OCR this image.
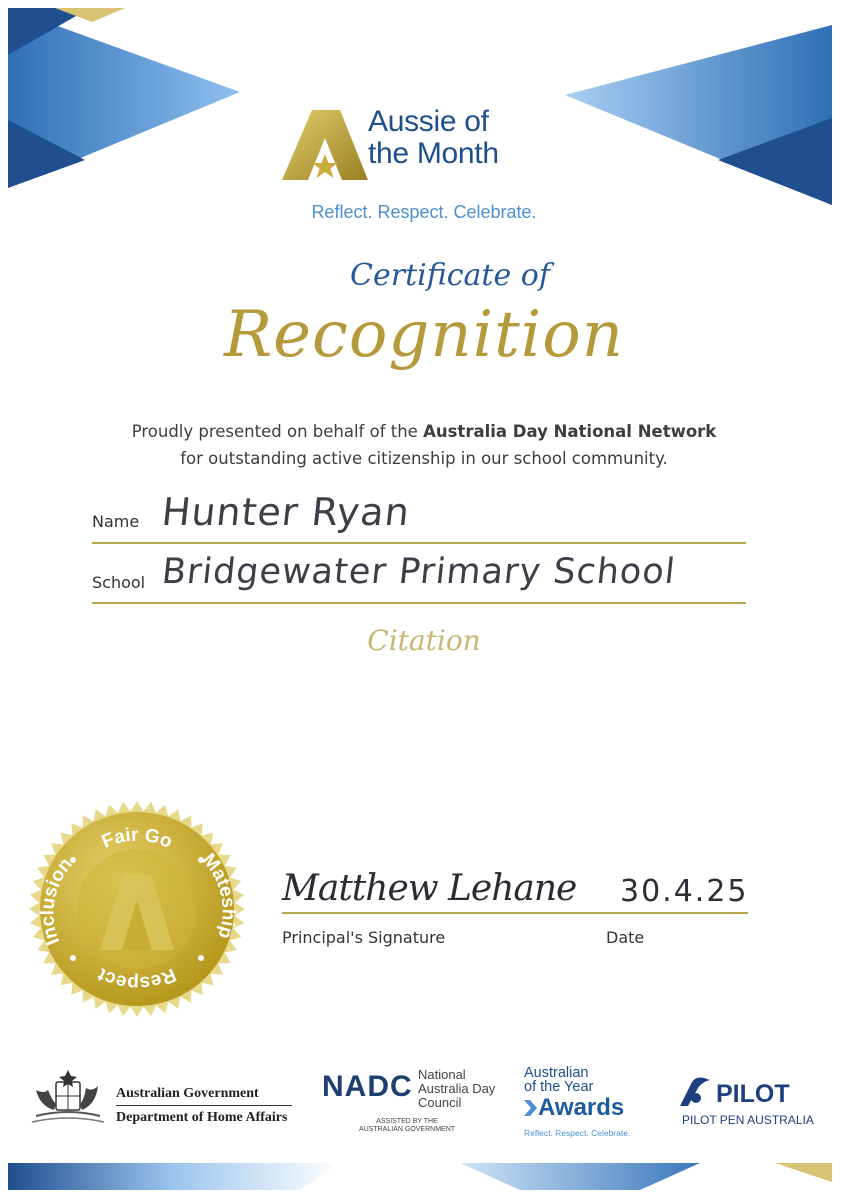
Aussie of
the Month
Reflect. Respect. Celebrate.
Certificate of
Recognition
Proudly presented on behalf of the Australia Day National Network
for outstanding active citizenship in our school community.
Name Hunter Ryan
School Bridgewater Primary School
Citation
Fair Go
Mateship
Respect
Inclusion
Matthew Lehane 30.4.25
Principal's Signature	Date
Australian Government
Department of Home Affairs
NADC National
Australia Day
Council
ASSISTED BY THE
AUSTRALIAN GOVERNMENT
Australian
of the Year
Awards
Reflect. Respect. Celebrate.
PILOT
PILOT PEN AUSTRALIA
